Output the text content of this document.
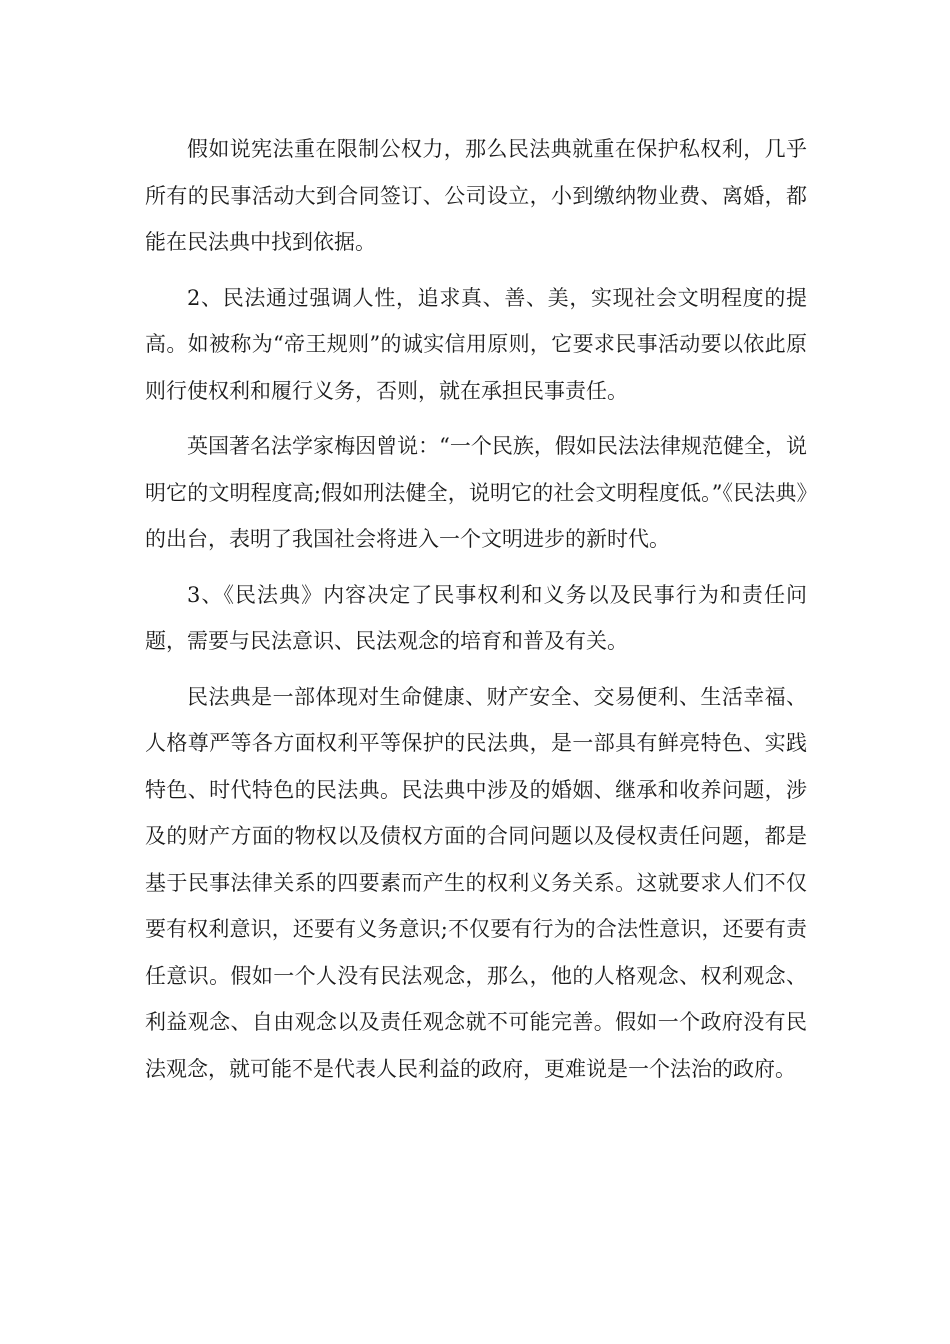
假如说宪法重在限制公权力，那么民法典就重在保护私权利，几乎所有的民事活动大到合同签订、公司设立，小到缴纳物业费、离婚，都能在民法典中找到依据。

2、民法通过强调人性，追求真、善、美，实现社会文明程度的提高。如被称为“帝王规则”的诚实信用原则，它要求民事活动要以依此原则行使权利和履行义务，否则，就在承担民事责任。

英国著名法学家梅因曾说：“一个民族，假如民法法律规范健全，说明它的文明程度高;假如刑法健全，说明它的社会文明程度低。”《民法典》的出台，表明了我国社会将进入一个文明进步的新时代。

3、《民法典》内容决定了民事权利和义务以及民事行为和责任问题，需要与民法意识、民法观念的培育和普及有关。

民法典是一部体现对生命健康、财产安全、交易便利、生活幸福、人格尊严等各方面权利平等保护的民法典，是一部具有鲜亮特色、实践特色、时代特色的民法典。民法典中涉及的婚姻、继承和收养问题，涉及的财产方面的物权以及债权方面的合同问题以及侵权责任问题，都是基于民事法律关系的四要素而产生的权利义务关系。这就要求人们不仅要有权利意识，还要有义务意识;不仅要有行为的合法性意识，还要有责任意识。假如一个人没有民法观念，那么，他的人格观念、权利观念、利益观念、自由观念以及责任观念就不可能完善。假如一个政府没有民法观念，就可能不是代表人民利益的政府，更难说是一个法治的政府。
